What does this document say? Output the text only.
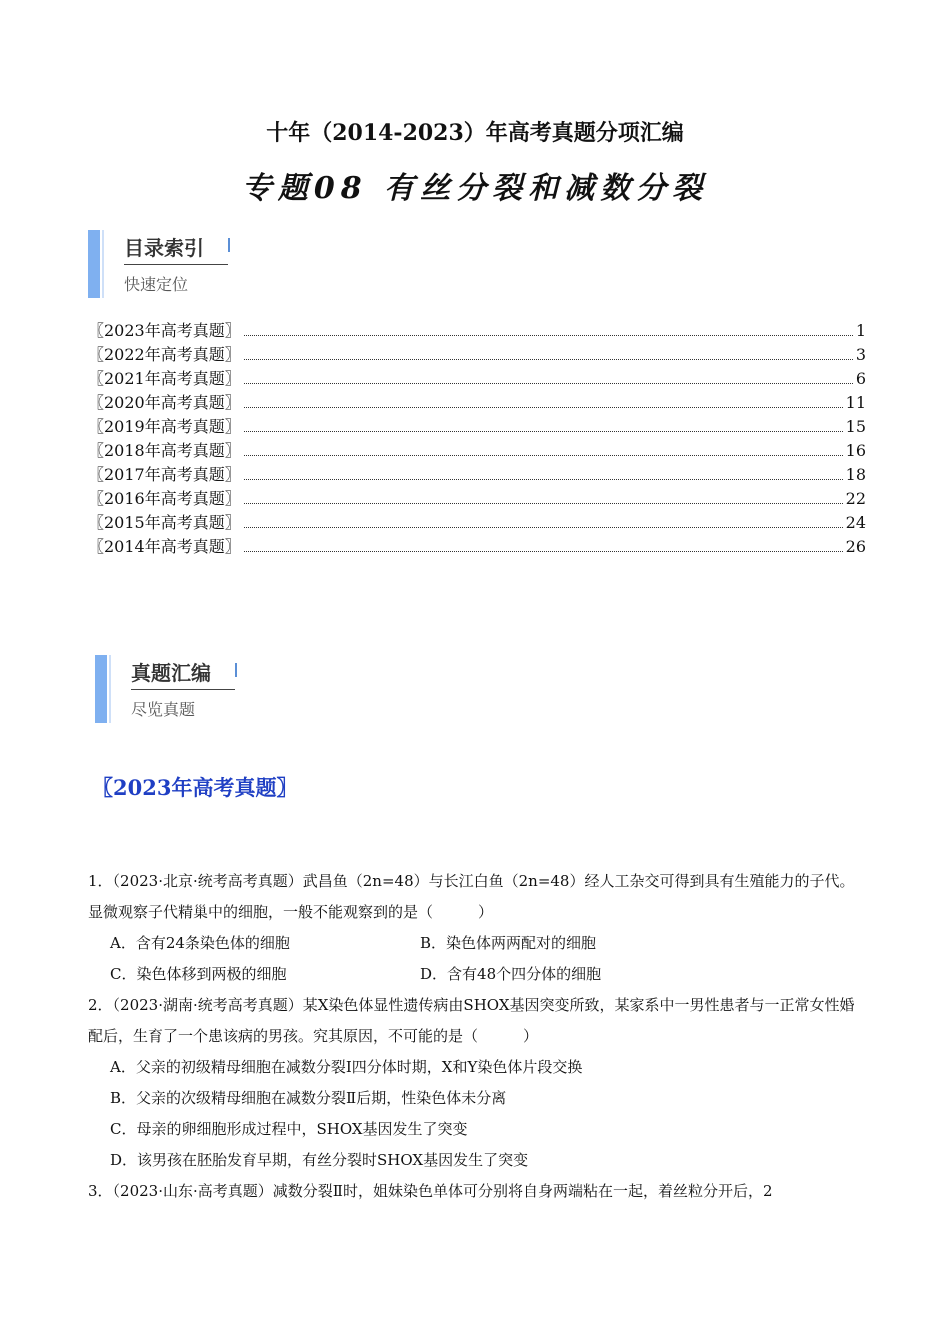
十年（2014-2023）年高考真题分项汇编
专题08 有丝分裂和减数分裂
目录索引
快速定位
〖2023年高考真题〗	1
〖2022年高考真题〗	3
〖2021年高考真题〗	6
〖2020年高考真题〗	11
〖2019年高考真题〗	15
〖2018年高考真题〗	16
〖2017年高考真题〗	18
〖2016年高考真题〗	22
〖2015年高考真题〗	24
〖2014年高考真题〗	26
真题汇编
尽览真题
〖2023年高考真题〗

1．（2023·北京·统考高考真题）武昌鱼（2n=48）与长江白鱼（2n=48）经人工杂交可得到具有生殖能力的子代。显微观察子代精巢中的细胞，一般不能观察到的是（　　　）

A．含有24条染色体的细胞	B．染色体两两配对的细胞
C．染色体移到两极的细胞	D．含有48个四分体的细胞

2．（2023·湖南·统考高考真题）某X染色体显性遗传病由SHOX基因突变所致，某家系中一男性患者与一正常女性婚配后，生育了一个患该病的男孩。究其原因，不可能的是（　　　）

A．父亲的初级精母细胞在减数分裂I四分体时期，X和Y染色体片段交换
B．父亲的次级精母细胞在减数分裂Ⅱ后期，性染色体未分离
C．母亲的卵细胞形成过程中，SHOX基因发生了突变
D．该男孩在胚胎发育早期，有丝分裂时SHOX基因发生了突变

3．（2023·山东·高考真题）减数分裂Ⅱ时，姐妹染色单体可分别将自身两端粘在一起，着丝粒分开后，2
